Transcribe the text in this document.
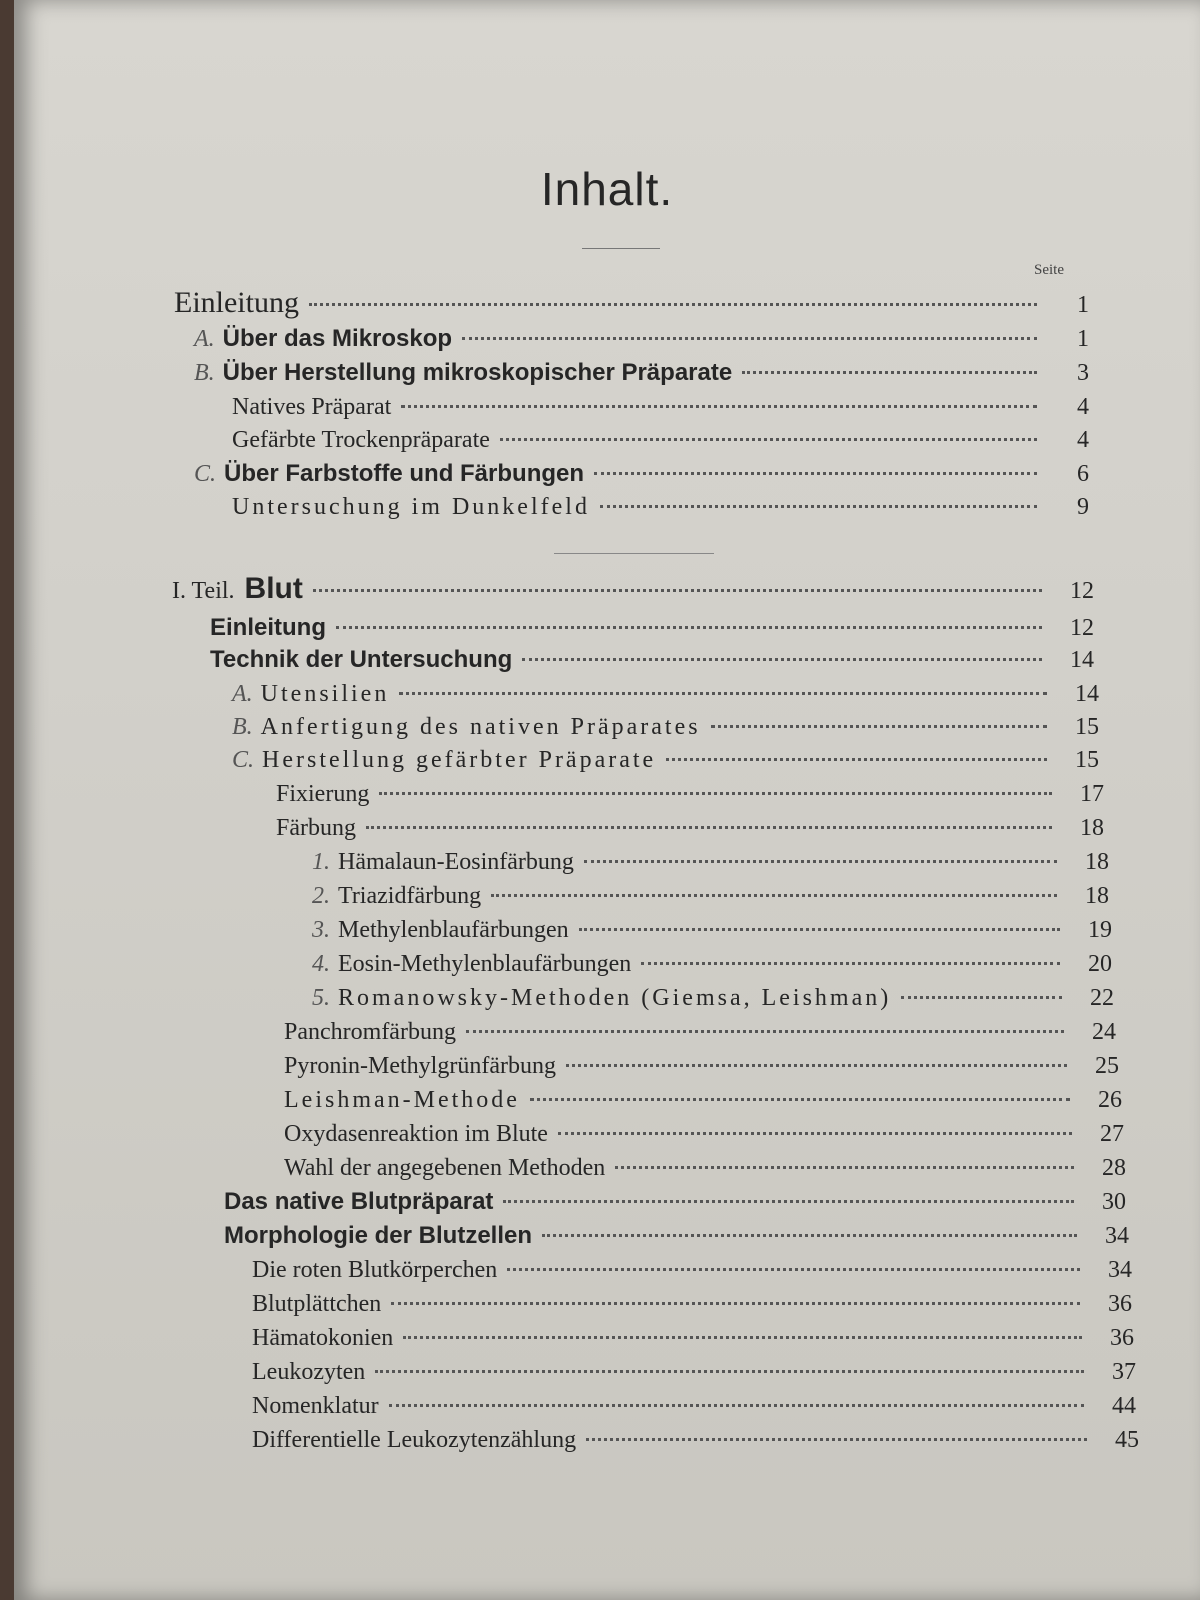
Inhalt.
Seite
Einleitung	1
A. Über das Mikroskop	1
B. Über Herstellung mikroskopischer Präparate	3
Natives Präparat	4
Gefärbte Trockenpräparate	4
C. Über Farbstoffe und Färbungen	6
Untersuchung im Dunkelfeld	9
I. Teil. Blut	12
Einleitung	12
Technik der Untersuchung	14
A. Utensilien	14
B. Anfertigung des nativen Präparates	15
C. Herstellung gefärbter Präparate	15
Fixierung	17
Färbung	18
1. Hämalaun-Eosinfärbung	18
2. Triazidfärbung	18
3. Methylenblaufärbungen	19
4. Eosin-Methylenblaufärbungen	20
5. Romanowsky-Methoden (Giemsa, Leishman)	22
Panchromfärbung	24
Pyronin-Methylgrünfärbung	25
Leishman-Methode	26
Oxydasenreaktion im Blute	27
Wahl der angegebenen Methoden	28
Das native Blutpräparat	30
Morphologie der Blutzellen	34
Die roten Blutkörperchen	34
Blutplättchen	36
Hämatokonien	36
Leukozyten	37
Nomenklatur	44
Differentielle Leukozytenzählung	45
